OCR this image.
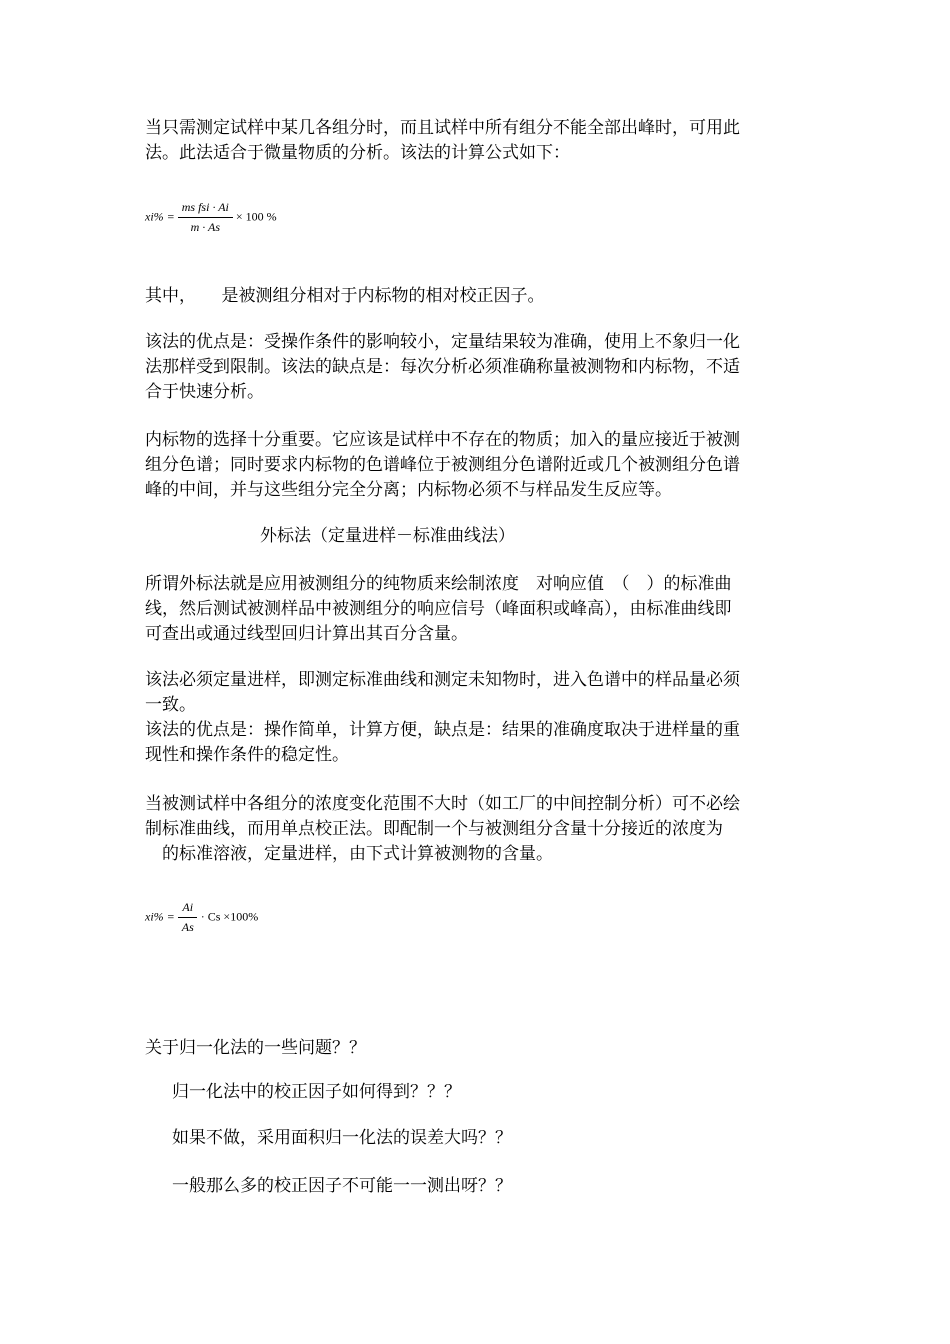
当只需测定试样中某几各组分时，而且试样中所有组分不能全部出峰时，可用此
法。此法适合于微量物质的分析。该法的计算公式如下：

$xi\% = \frac{\text{ms fsi · Ai}}{m \cdot As} \times 100$ %

其中，　　是被测组分相对于内标物的相对校正因子。

该法的优点是：受操作条件的影响较小，定量结果较为准确，使用上不象归一化
法那样受到限制。该法的缺点是：每次分析必须准确称量被测物和内标物，不适
合于快速分析。

内标物的选择十分重要。它应该是试样中不存在的物质；加入的量应接近于被测
组分色谱；同时要求内标物的色谱峰位于被测组分色谱附近或几个被测组分色谱
峰的中间，并与这些组分完全分离；内标物必须不与样品发生反应等。

外标法（定量进样－标准曲线法）

所谓外标法就是应用被测组分的纯物质来绘制浓度　对响应值　（　）的标准曲
线，然后测试被测样品中被测组分的响应信号（峰面积或峰高），由标准曲线即
可查出或通过线型回归计算出其百分含量。

该法必须定量进样，即测定标准曲线和测定未知物时，进入色谱中的样品量必须
一致。
该法的优点是：操作简单，计算方便，缺点是：结果的准确度取决于进样量的重
现性和操作条件的稳定性。

当被测试样中各组分的浓度变化范围不大时（如工厂的中间控制分析）可不必绘
制标准曲线，而用单点校正法。即配制一个与被测组分含量十分接近的浓度为
　的标准溶液，定量进样，由下式计算被测物的含量。

$xi\% = \frac{Ai}{As} \cdot Cs \times 100\%$

关于归一化法的一些问题？？

归一化法中的校正因子如何得到？？？

如果不做，采用面积归一化法的误差大吗？？

一般那么多的校正因子不可能一一测出呀？？
